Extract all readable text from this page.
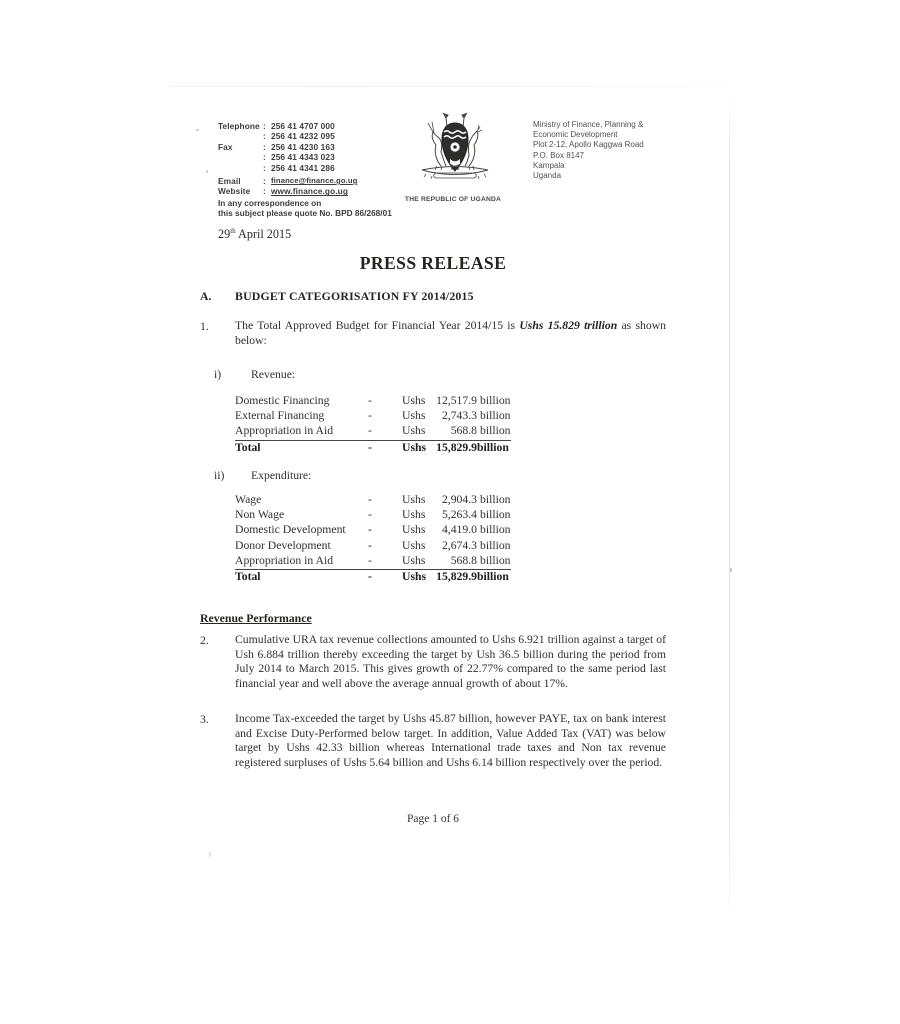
Telephone : 256 41 4707 000
: 256 41 4232 095
Fax	: 256 41 4230 163
: 256 41 4343 023
: 256 41 4341 286
Email	: finance@finance.go.ug
Website	: www.finance.go.ug
THE REPUBLIC OF UGANDA
Ministry of Finance, Planning &
Economic Development
Plot 2-12, Apollo Kaggwa Road
P.O. Box 8147
Kampala
Uganda
In any correspondence on
this subject please quote No. BPD 86/268/01
29th April 2015
PRESS RELEASE
A. BUDGET CATEGORISATION FY 2014/2015
1. The Total Approved Budget for Financial Year 2014/15 is Ushs 15.829 trillion as shown below:
i)	Revenue:
Domestic Financing	-	Ushs 12,517.9 billion
External Financing	-	Ushs	2,743.3 billion
Appropriation in Aid	-	Ushs	568.8 billion
Total	-	Ushs 15,829.9 billion
ii)	Expenditure:
Wage	-	Ushs	2,904.3 billion
Non Wage	-	Ushs	5,263.4 billion
Domestic Development	-	Ushs	4,419.0 billion
Donor Development	-	Ushs	2,674.3 billion
Appropriation in Aid	-	Ushs	568.8 billion
Total	-	Ushs 15,829.9 billion
Revenue Performance
2. Cumulative URA tax revenue collections amounted to Ushs 6.921 trillion against a target of Ush 6.884 trillion thereby exceeding the target by Ush 36.5 billion during the period from July 2014 to March 2015. This gives growth of 22.77% compared to the same period last financial year and well above the average annual growth of about 17%.
3. Income Tax-exceeded the target by Ushs 45.87 billion, however PAYE, tax on bank interest and Excise Duty-Performed below target. In addition, Value Added Tax (VAT) was below target by Ushs 42.33 billion whereas International trade taxes and Non tax revenue registered surpluses of Ushs 5.64 billion and Ushs 6.14 billion respectively over the period.
Page 1 of 6
